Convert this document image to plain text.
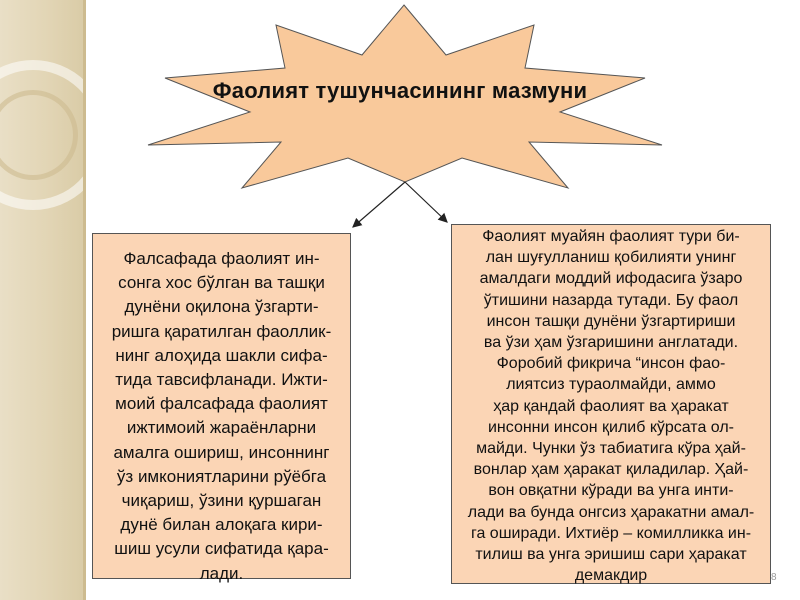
Фаолият тушунчасининг мазмуни
Фалсафада фаолият ин-
сонга хос бўлган ва ташқи
дунёни оқилона ўзгарти-
ришга қаратилган фаоллик-
нинг алоҳида шакли сифа-
тида тавсифланади. Ижти-
моий фалсафада фаолият
ижтимоий жараёнларни
амалга ошириш, инсоннинг
ўз имкониятларини рўёбга
чиқариш, ўзини қуршаган
дунё билан алоқага кири-
шиш усули сифатида қара-
лади.
Фаолият муайян фаолият тури би-
лан шуғулланиш қобилияти унинг
амалдаги моддий ифодасига ўзаро
ўтишини назарда тутади. Бу фаол
инсон ташқи дунёни ўзгартириши
ва ўзи ҳам ўзгаришини англатади.
Форобий фикрича “инсон фао-
лиятсиз тураолмайди, аммо
ҳар қандай фаолият ва ҳаракат
инсонни инсон қилиб кўрсата ол-
майди. Чунки ўз табиатига кўра ҳай-
вонлар ҳам ҳаракат қиладилар. Ҳай-
вон овқатни кўради ва унга инти-
лади ва бунда онгсиз ҳаракатни амал-
га оширади. Ихтиёр – комилликка ин-
тилиш ва унга эришиш сари ҳаракат
демакдир	8
